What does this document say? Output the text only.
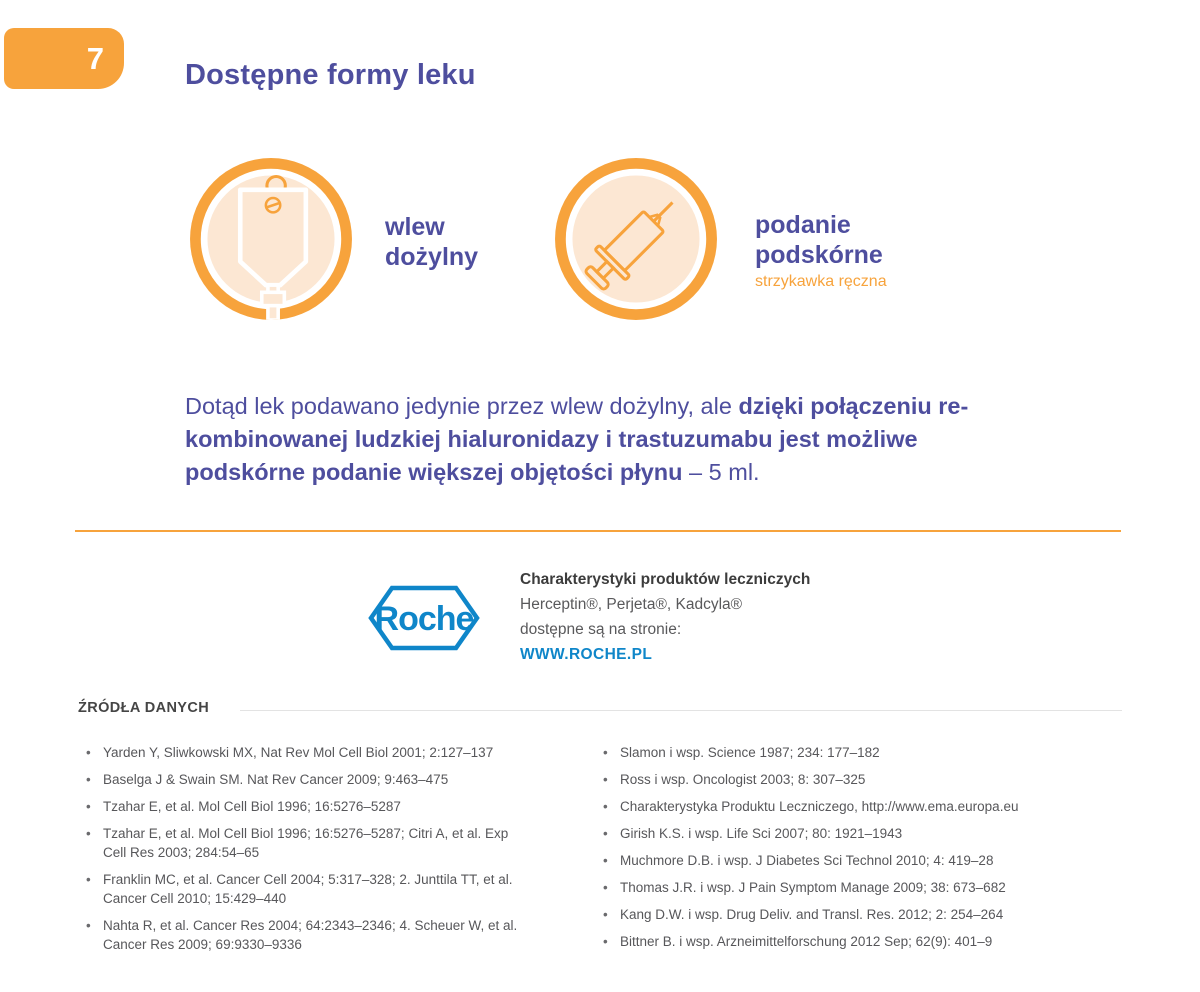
7	Dostępne formy leku
wlew
dożylny
podanie
podskórne
strzykawka ręczna
Dotąd lek podawano jedynie przez wlew dożylny, ale dzięki połączeniu re-
kombinowanej ludzkiej hialuronidazy i trastuzumabu jest możliwe
podskórne podanie większej objętości płynu – 5 ml.
Roche

Charakterystyki produktów leczniczych

Herceptin®, Perjeta®, Kadcyla®

dostępne są na stronie:

WWW.ROCHE.PL

ŹRÓDŁA DANYCH
• Yarden Y, Sliwkowski MX, Nat Rev Mol Cell Biol 2001; 2:127–137
• Baselga J & Swain SM. Nat Rev Cancer 2009; 9:463–475
• Tzahar E, et al. Mol Cell Biol 1996; 16:5276–5287
• Tzahar E, et al. Mol Cell Biol 1996; 16:5276–5287; Citri A, et al. Exp Cell Res 2003; 284:54–65
• Franklin MC, et al. Cancer Cell 2004; 5:317–328; 2. Junttila TT, et al. Cancer Cell 2010; 15:429–440
• Nahta R, et al. Cancer Res 2004; 64:2343–2346; 4. Scheuer W, et al. Cancer Res 2009; 69:9330–9336
• Slamon i wsp. Science 1987; 234: 177–182
• Ross i wsp. Oncologist 2003; 8: 307–325
• Charakterystyka Produktu Leczniczego, http://www.ema.europa.eu
• Girish K.S. i wsp. Life Sci 2007; 80: 1921–1943
• Muchmore D.B. i wsp. J Diabetes Sci Technol 2010; 4: 419–28
• Thomas J.R. i wsp. J Pain Symptom Manage 2009; 38: 673–682
• Kang D.W. i wsp. Drug Deliv. and Transl. Res. 2012; 2: 254–264
• Bittner B. i wsp. Arzneimittelforschung 2012 Sep; 62(9): 401–9
